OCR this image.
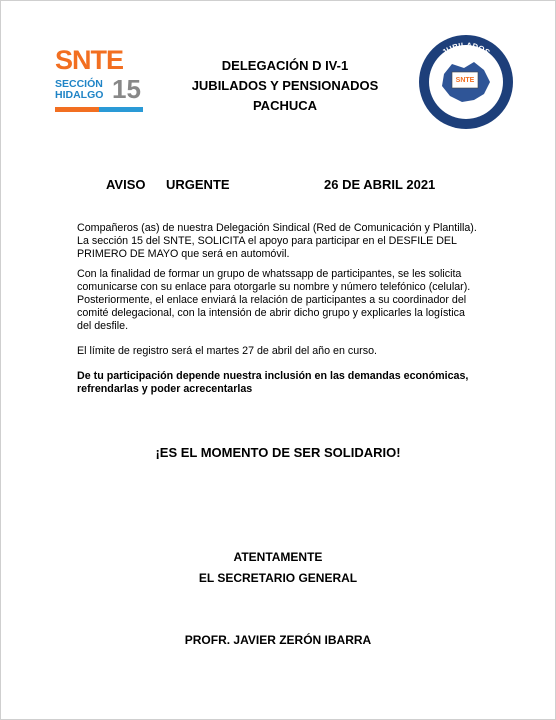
SNTE
SECCIÓN
HIDALGO 15
DELEGACIÓN D IV-1
JUBILADOS Y PENSIONADOS
PACHUCA
SNTE
JUBILADOS
PENSIONADOS
AVISO URGENTE	26 DE ABRIL 2021

Compañeros (as) de nuestra Delegación Sindical (Red de Comunicación y Plantilla). La sección 15 del SNTE, SOLICITA el apoyo para participar en el DESFILE DEL PRIMERO DE MAYO que será en automóvil.

Con la finalidad de formar un grupo de whatssapp de participantes, se les solicita comunicarse con su enlace para otorgarle su nombre y número telefónico (celular). Posteriormente, el enlace enviará la relación de participantes a su coordinador del comité delegacional, con la intensión de abrir dicho grupo y explicarles la logística del desfile.

El límite de registro será el martes 27 de abril del año en curso.

De tu participación depende nuestra inclusión en las demandas económicas, refrendarlas y poder acrecentarlas

¡ES EL MOMENTO DE SER SOLIDARIO!
ATENTAMENTE
EL SECRETARIO GENERAL
PROFR. JAVIER ZERÓN IBARRA
